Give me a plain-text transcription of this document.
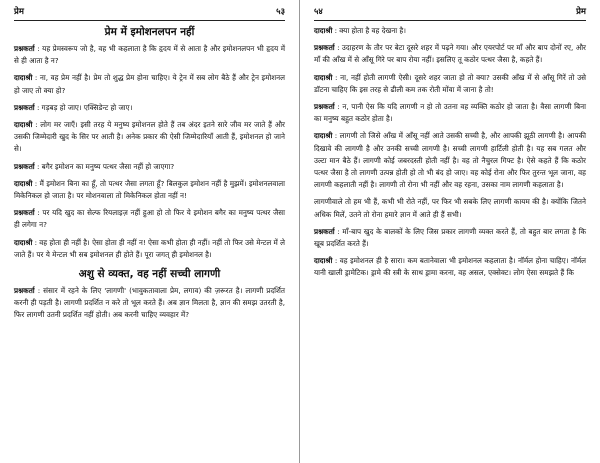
प्रेम	५३
प्रेम में इमोशनलपन नहीं

प्रश्नकर्ता : यह प्रेमस्वरूप जो है, वह भी कहलाता है कि हृदय में से आता है और इमोशनलपन भी हृदय में से ही आता है न?

दादाश्री : ना, वह प्रेम नहीं है। प्रेम तो शुद्ध प्रेम होना चाहिए। ये ट्रेन में सब लोग बैठे हैं और ट्रेन इमोशनल हो जाए तो क्या हो?

प्रश्नकर्ता : गड़बड़ हो जाए। एक्सिडेन्ट हो जाए।

दादाश्री : लोग मर जाएँ। इसी तरह ये मनुष्य इमोशनल होते हैं तब अंदर इतने सारे जीव मर जाते हैं और उसकी जिम्मेदारी खुद के सिर पर आती है। अनेक प्रकार की ऐसी जिम्मेदारियाँ आती हैं, इमोशनल हो जाने से।

प्रश्नकर्ता : बगैर इमोशन का मनुष्य पत्थर जैसा नहीं हो जाएगा?

दादाश्री : मैं इमोशन बिना का हूँ, तो पत्थर जैसा लगता हूँ? बिलकुल इमोशन नहीं है मुझमें। इमोशनलवाला मिकेनिकल हो जाता है। पर मोशनवाला तो मिकेनिकल होता नहीं न!

प्रश्नकर्ता : पर यदि खुद का सेल्फ रियलाइज़ नहीं हुआ हो तो फिर ये इमोशन बगैर का मनुष्य पत्थर जैसा ही लगेगा न?

दादाश्री : वह होता ही नहीं है। ऐसा होता ही नहीं न! ऐसा कभी होता ही नहीं। नहीं तो फिर उसे मेन्टल में ले जाते हैं। पर ये मेन्टल भी सब इमोशनल ही होते हैं। पूरा जगत् ही इमोशनल है।

अशु से व्यक्त, वह नहीं सच्ची लागणी

प्रश्नकर्ता : संसार में रहने के लिए 'लागणी' (भावुकतावाला प्रेम, लगाव) की ज़रूरत है। लागणी प्रदर्शित करनी ही पड़ती है। लागणी प्रदर्शित न करे तो भूल करते हैं। अब ज्ञान मिलता है, ज्ञान की समझ उतरती है, फिर लागणी उतनी प्रदर्शित नहीं होती। अब करनी चाहिए व्यवहार में?

५४	प्रेम

दादाश्री : क्या होता है वह देखना है।

प्रश्नकर्ता : उदाहरण के तौर पर बेटा दूसरे शहर में पढ़ने गया। और एयरपोर्ट पर माँ और बाप दोनों रए, और माँ की आँख में से आँसू गिरे पर बाप रोया नहीं। इसलिए तू कठोर पत्थर जैसा है, कहते हैं।

दादाश्री : ना, नहीं होती लागणी ऐसी। दूसरे शहर जाता हो तो क्या? उसकी आँख में से आँसू गिरें तो उसे डॉटना चाहिए कि इस तरह से ढीली कम तक रोती मोंवा में जाना है तो!

प्रश्नकर्ता : न, पानी ऐस कि यदि लागणी न हो तो उतना वह व्यक्ति कठोर हो जाता है। वैसा लागणी बिना का मनुष्य बहुत कठोर होता है।

दादाश्री : लागणी तो जिसे आँख में आँसू नहीं आते उसकी सच्ची है, और आपकी झूठी लागणी है। आपकी दिखावे की लागणी है और उनकी सच्ची लागणी है। सच्ची लागणी हार्टिली होती है। यह सब गलत और उल्टा मान बैठे हैं। लागणी कोई जबरदस्ती होती नहीं है। वह तो नैचुरल गिफ्ट है। ऐसे कहते हैं कि कठोर पत्थर जैसा है तो लागणी उत्पन्न होती हो तो भी बंद हो जाए। वह कोई रोना और फिर तुरन्त भूल जाना, वह लागणी कहलाती नहीं है। लागणी तो रोना भी नहीं और वह रहना, उसका नाम लागणी कहलाता है।

लागणीवाले तो हम भी हैं, कभी भी रोते नहीं, पर फिर भी सबके लिए लागणी कायम की है। क्योंकि जितने अधिक मिलें, उतने तो रोना हमारे ज्ञान में आते ही हैं सभी।

प्रश्नकर्ता : माँ-बाप खुद के बालकों के लिए जिस प्रकार लागणी व्यक्त करते हैं, तो बहुत बार लगता है कि खूब प्रदर्शित करते हैं।

दादाश्री : वह इमोशनल ही है सारा। कम बतानेवाला भी इमोशनल कहलाता है। नॉर्मल होना चाहिए। नॉर्मल यानी खाली ड्रामेटिक। ड्रामे की स्त्री के साथ ड्रामा करना, वह असल, एक्सेक्ट। लोग ऐसा समझते हैं कि
